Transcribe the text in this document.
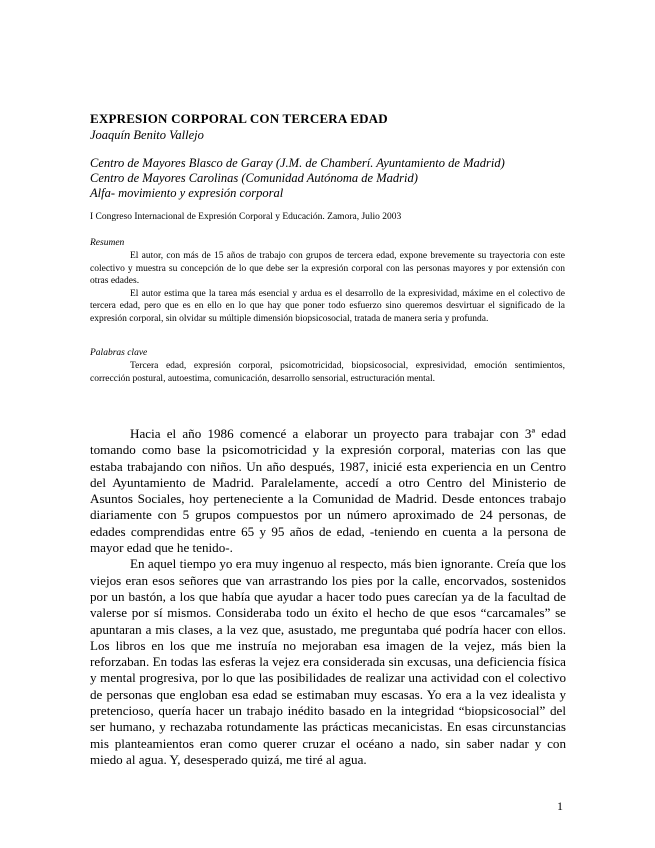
EXPRESION CORPORAL CON TERCERA EDAD
Joaquín Benito Vallejo
Centro de Mayores Blasco de Garay (J.M. de Chamberí. Ayuntamiento de Madrid)
Centro de Mayores Carolinas (Comunidad Autónoma de Madrid)
Alfa- movimiento y expresión corporal
I Congreso Internacional de Expresión Corporal y Educación. Zamora, Julio 2003
Resumen

El autor, con más de 15 años de trabajo con grupos de tercera edad, expone brevemente su trayectoria con este colectivo y muestra su concepción de lo que debe ser la expresión corporal con las personas mayores y por extensión con otras edades.

El autor estima que la tarea más esencial y ardua es el desarrollo de la expresividad, máxime en el colectivo de tercera edad, pero que es en ello en lo que hay que poner todo esfuerzo sino queremos desvirtuar el significado de la expresión corporal, sin olvidar su múltiple dimensión biopsicosocial, tratada de manera seria y profunda.

Palabras clave

Tercera edad, expresión corporal, psicomotricidad, biopsicosocial, expresividad, emoción sentimientos, corrección postural, autoestima, comunicación, desarrollo sensorial, estructuración mental.

Hacia el año 1986 comencé a elaborar un proyecto para trabajar con 3ª edad tomando como base la psicomotricidad y la expresión corporal, materias con las que estaba trabajando con niños. Un año después, 1987, inicié esta experiencia en un Centro del Ayuntamiento de Madrid. Paralelamente, accedí a otro Centro del Ministerio de Asuntos Sociales, hoy perteneciente a la Comunidad de Madrid. Desde entonces trabajo diariamente con 5 grupos compuestos por un número aproximado de 24 personas, de edades comprendidas entre 65 y 95 años de edad, -teniendo en cuenta a la persona de mayor edad que he tenido-.

En aquel tiempo yo era muy ingenuo al respecto, más bien ignorante. Creía que los viejos eran esos señores que van arrastrando los pies por la calle, encorvados, sostenidos por un bastón, a los que había que ayudar a hacer todo pues carecían ya de la facultad de valerse por sí mismos. Consideraba todo un éxito el hecho de que esos “carcamales” se apuntaran a mis clases, a la vez que, asustado, me preguntaba qué podría hacer con ellos. Los libros en los que me instruía no mejoraban esa imagen de la vejez, más bien la reforzaban. En todas las esferas la vejez era considerada sin excusas, una deficiencia física y mental progresiva, por lo que las posibilidades de realizar una actividad con el colectivo de personas que engloban esa edad se estimaban muy escasas. Yo era a la vez idealista y pretencioso, quería hacer un trabajo inédito basado en la integridad “biopsicosocial” del ser humano, y rechazaba rotundamente las prácticas mecanicistas. En esas circunstancias mis planteamientos eran como querer cruzar el océano a nado, sin saber nadar y con miedo al agua. Y, desesperado quizá, me tiré al agua.

1
